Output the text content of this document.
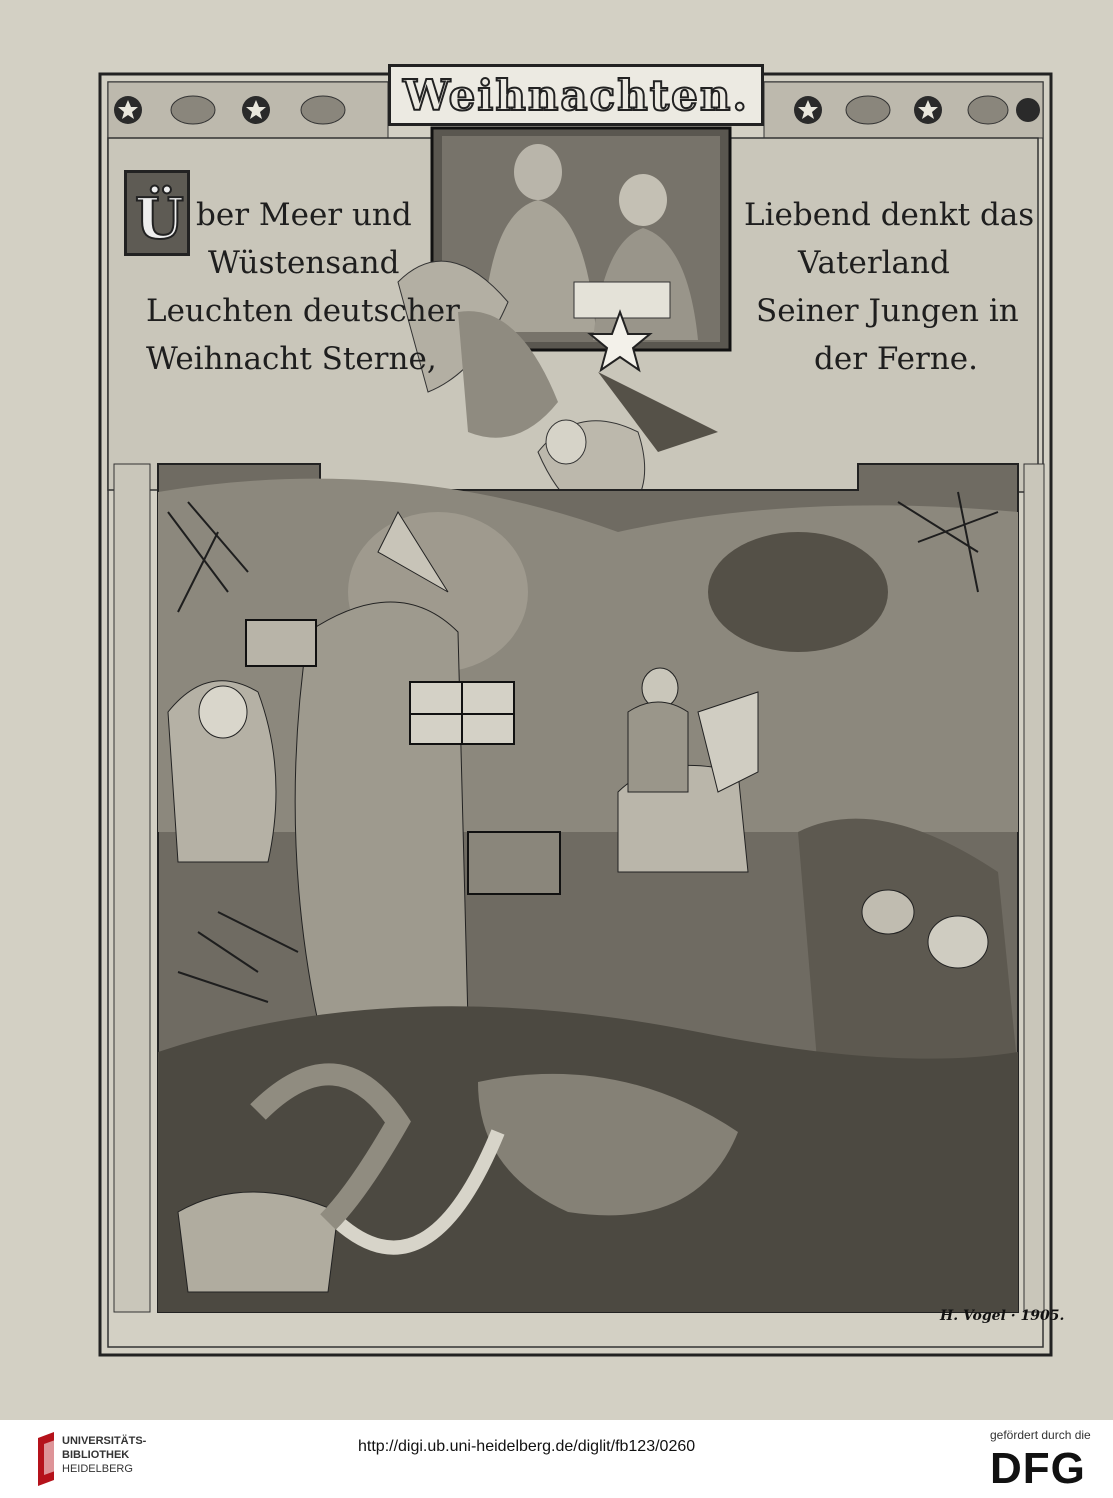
Weihnachten.
Ü ber Meer und
Wüstensand
Leuchten deutscher
Weihnacht Sterne,
Liebend denkt das
Vaterland
Seiner Jungen in
der Ferne.
H. Vogel · 1905.
UNIVERSITÄTS-
BIBLIOTHEK
HEIDELBERG
http://digi.ub.uni-heidelberg.de/diglit/fb123/0260
gefördert durch die
DFG
